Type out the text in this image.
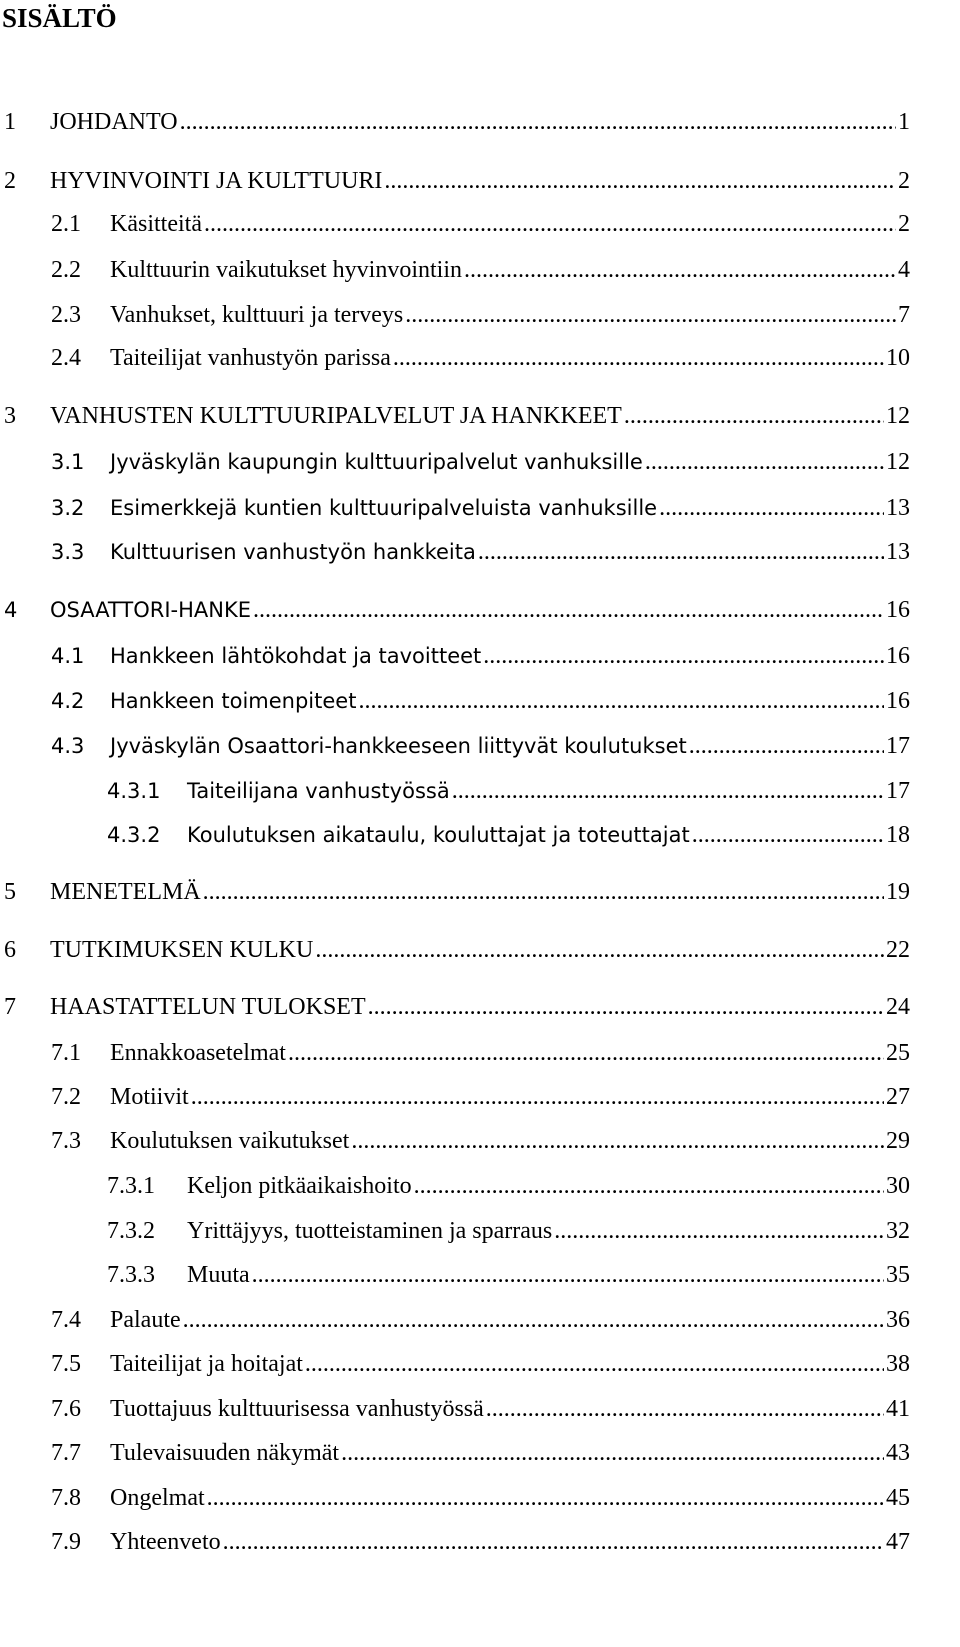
SISÄLTÖ
1	JOHDANTO .....	1
2	HYVINVOINTI JA KULTTUURI .....	2
2.1	Käsitteitä .....	2
2.2	Kulttuurin vaikutukset hyvinvointiin .....	4
2.3	Vanhukset, kulttuuri ja terveys .....	7
2.4	Taiteilijat vanhustyön parissa .....	10
3	VANHUSTEN KULTTUURIPALVELUT JA HANKKEET .....	12
3.1	Jyväskylän kaupungin kulttuuripalvelut vanhuksille .....	12
3.2	Esimerkkejä kuntien kulttuuripalveluista vanhuksille .....	13
3.3	Kulttuurisen vanhustyön hankkeita .....	13
4	OSAATTORI-HANKE .....	16
4.1	Hankkeen lähtökohdat ja tavoitteet .....	16
4.2	Hankkeen toimenpiteet .....	16
4.3	Jyväskylän Osaattori-hankkeeseen liittyvät koulutukset .....	17
4.3.1	Taiteilijana vanhustyössä .....	17
4.3.2	Koulutuksen aikataulu, kouluttajat ja toteuttajat .....	18
5	MENETELMÄ .....	19
6	TUTKIMUKSEN KULKU .....	22
7	HAASTATTELUN TULOKSET .....	24
7.1	Ennakkoasetelmat .....	25
7.2	Motiivit .....	27
7.3	Koulutuksen vaikutukset .....	29
7.3.1	Keljon pitkäaikaishoito .....	30
7.3.2	Yrittäjyys, tuotteistaminen ja sparraus .....	32
7.3.3	Muuta .....	35
7.4	Palaute .....	36
7.5	Taiteilijat ja hoitajat .....	38
7.6	Tuottajuus kulttuurisessa vanhustyössä .....	41
7.7	Tulevaisuuden näkymät .....	43
7.8	Ongelmat .....	45
7.9	Yhteenveto .....	47
